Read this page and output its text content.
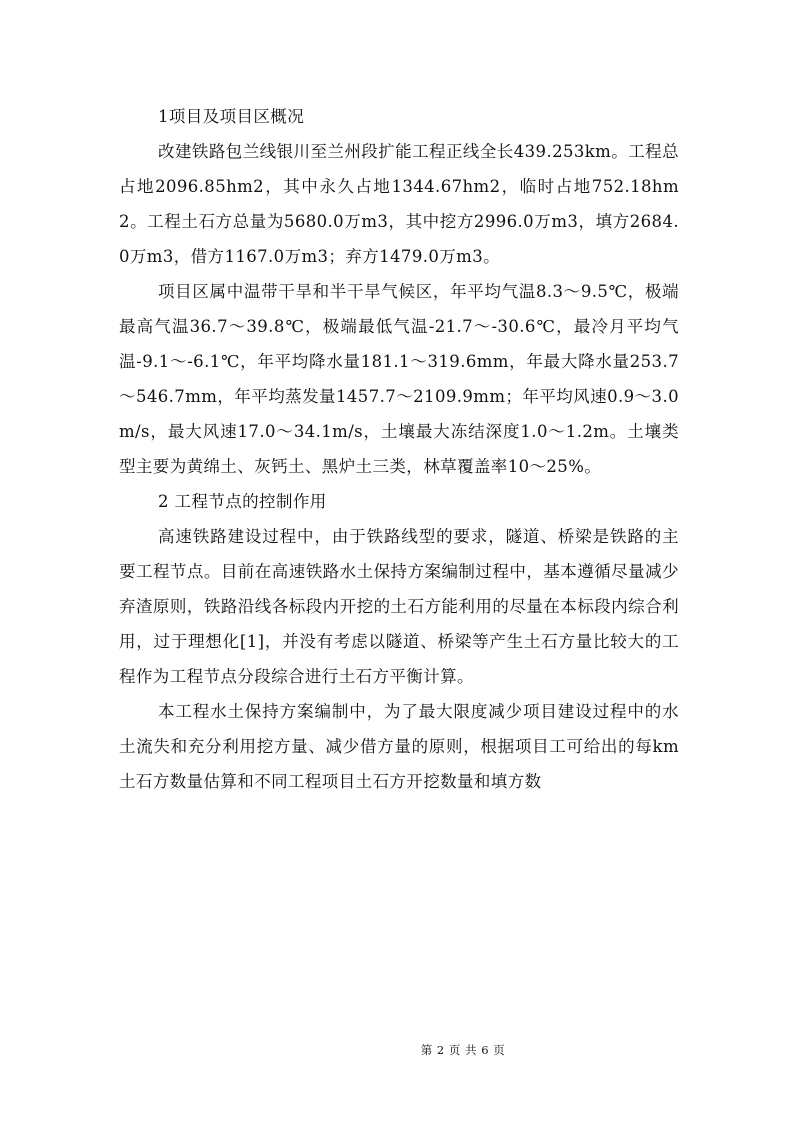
1项目及项目区概况

改建铁路包兰线银川至兰州段扩能工程正线全长439.253km。工程总占地2096.85hm2，其中永久占地1344.67hm2，临时占地752.18hm2。工程土石方总量为5680.0万m3，其中挖方2996.0万m3，填方2684.0万m3，借方1167.0万m3；弃方1479.0万m3。

项目区属中温带干旱和半干旱气候区，年平均气温8.3～9.5℃，极端最高气温36.7～39.8℃，极端最低气温-21.7～-30.6℃，最冷月平均气温-9.1～-6.1℃，年平均降水量181.1～319.6mm，年最大降水量253.7～546.7mm，年平均蒸发量1457.7～2109.9mm；年平均风速0.9～3.0m/s，最大风速17.0～34.1m/s，土壤最大冻结深度1.0～1.2m。土壤类型主要为黄绵土、灰钙土、黑炉土三类，林草覆盖率10～25%。

2 工程节点的控制作用

高速铁路建设过程中，由于铁路线型的要求，隧道、桥梁是铁路的主要工程节点。目前在高速铁路水土保持方案编制过程中，基本遵循尽量减少弃渣原则，铁路沿线各标段内开挖的土石方能利用的尽量在本标段内综合利用，过于理想化[1]，并没有考虑以隧道、桥梁等产生土石方量比较大的工程作为工程节点分段综合进行土石方平衡计算。

本工程水土保持方案编制中，为了最大限度减少项目建设过程中的水土流失和充分利用挖方量、减少借方量的原则，根据项目工可给出的每km土石方数量估算和不同工程项目土石方开挖数量和填方数

第 2 页 共 6 页
